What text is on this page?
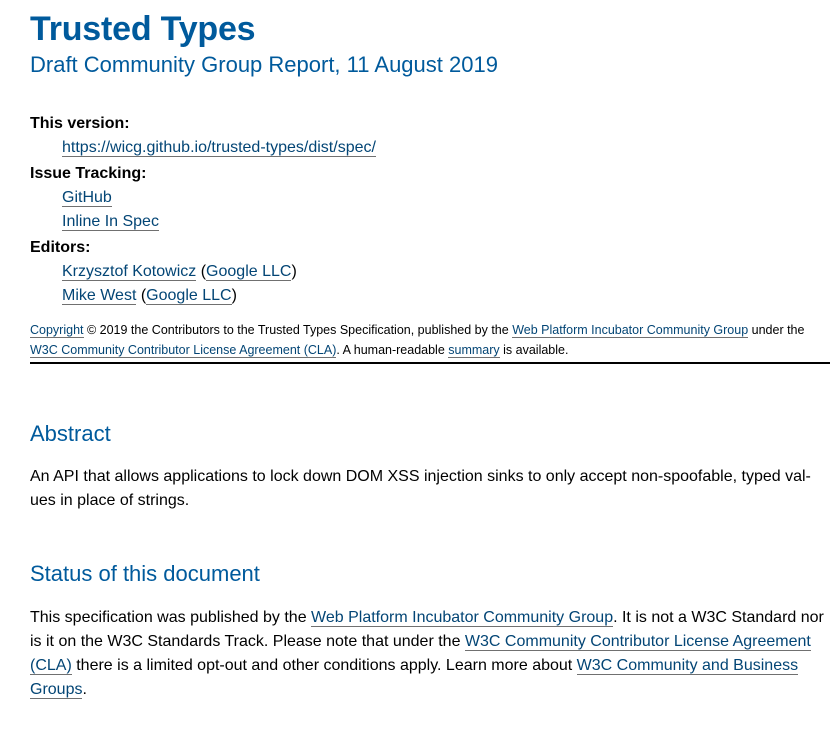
Trusted Types
Draft Community Group Report, 11 August 2019
This version:
https://wicg.github.io/trusted-types/dist/spec/
Issue Tracking:
GitHub
Inline In Spec
Editors:
Krzysztof Kotowicz (Google LLC)
Mike West (Google LLC)
Copyright © 2019 the Contributors to the Trusted Types Specification, published by the Web Platform Incubator Community Group under the W3C Community Contributor License Agreement (CLA). A human-readable summary is available.
Abstract

An API that allows applications to lock down DOM XSS injection sinks to only accept non-spoofable, typed val- ues in place of strings.

Status of this document

This specification was published by the Web Platform Incubator Community Group. It is not a W3C Standard nor is it on the W3C Standards Track. Please note that under the W3C Community Contributor License Agreement (CLA) there is a limited opt-out and other conditions apply. Learn more about W3C Community and Business Groups.
